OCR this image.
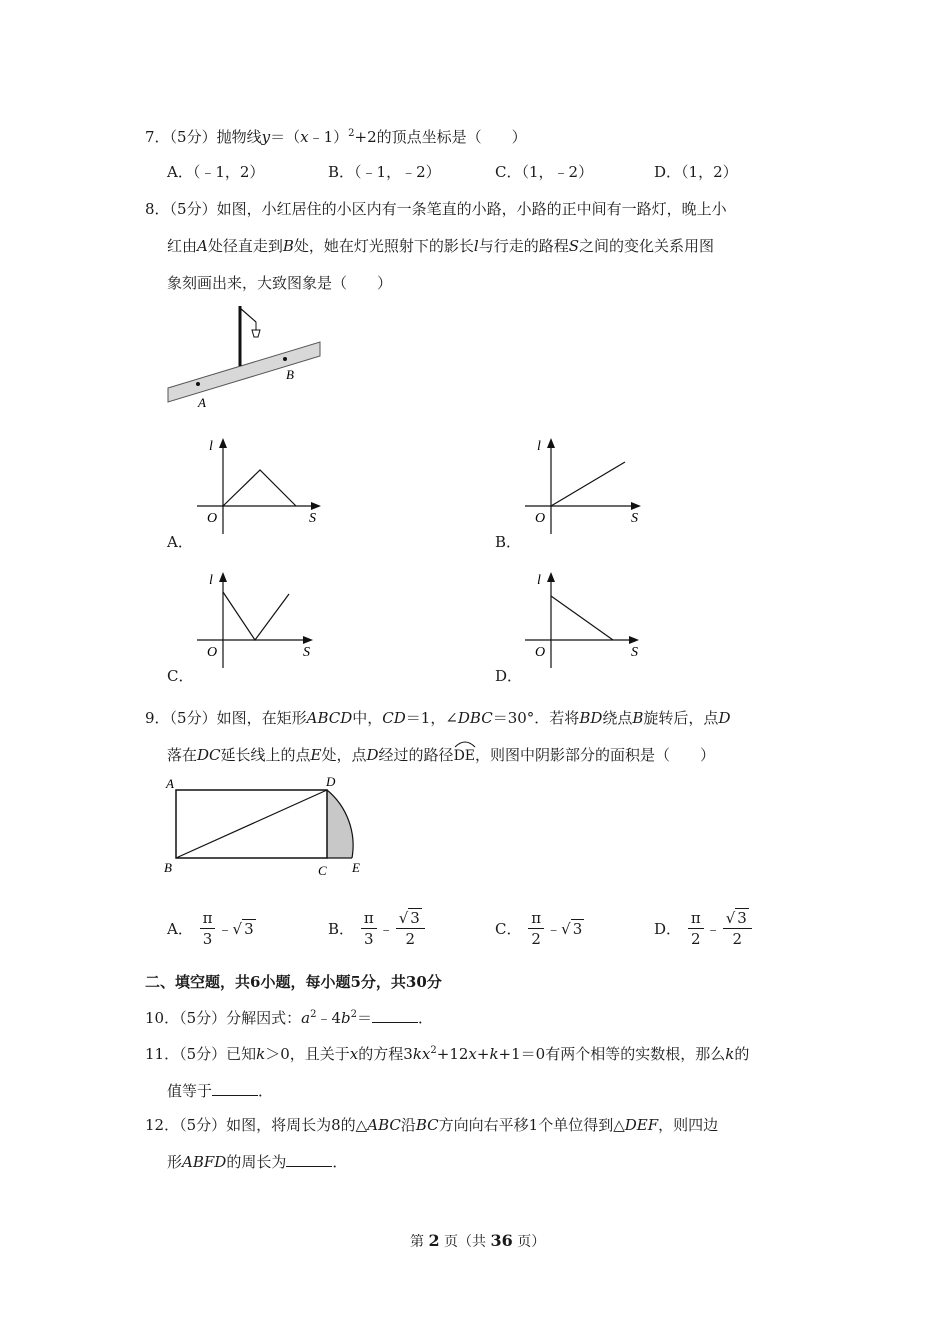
7．（5分）抛物线y＝（x﹣1）$^2$+2的顶点坐标是（　　）
A．（﹣1，2）	B．（﹣1，﹣2）	C．（1，﹣2）	D．（1，2）
8．（5分）如图，小红居住的小区内有一条笔直的小路，小路的正中间有一路灯，晚上小
红由A处径直走到B处，她在灯光照射下的影长l与行走的路程S之间的变化关系用图
象刻画出来，大致图象是（　　）
A
B
l
O	S
A．
l
O	S
B．
l
O	S
C．
l
O	S
D．
9．（5分）如图，在矩形ABCD中，CD＝1，∠DBC＝30°．若将BD绕点B旋转后，点D
落在DC延长线上的点E处，点D经过的路径
DE，则图中阴影部分的面积是（　　）
A	D
B	C E
A． $\frac{\pi}{3}$ ﹣√ 3	B． $\frac{\pi}{3}$ ﹣ $\frac{√ 3}{2}$	C． $\frac{\pi}{2}$ ﹣√ 3	D． $\frac{\pi}{2}$ ﹣ $\frac{√ 3}{2}$
二、填空题，共6小题，每小题5分，共30分
10．（5分）分解因式：$a^2﹣4b^2=$	．
11．（5分）已知k＞0，且关于x的方程$3kx^2+12x+k+1=0$有两个相等的实数根，那么k的
值等于	．
12．（5分）如图，将周长为8的△ABC沿BC方向向右平移1个单位得到△DEF，则四边
形ABFD的周长为	．
第 2 页（共 36 页）
